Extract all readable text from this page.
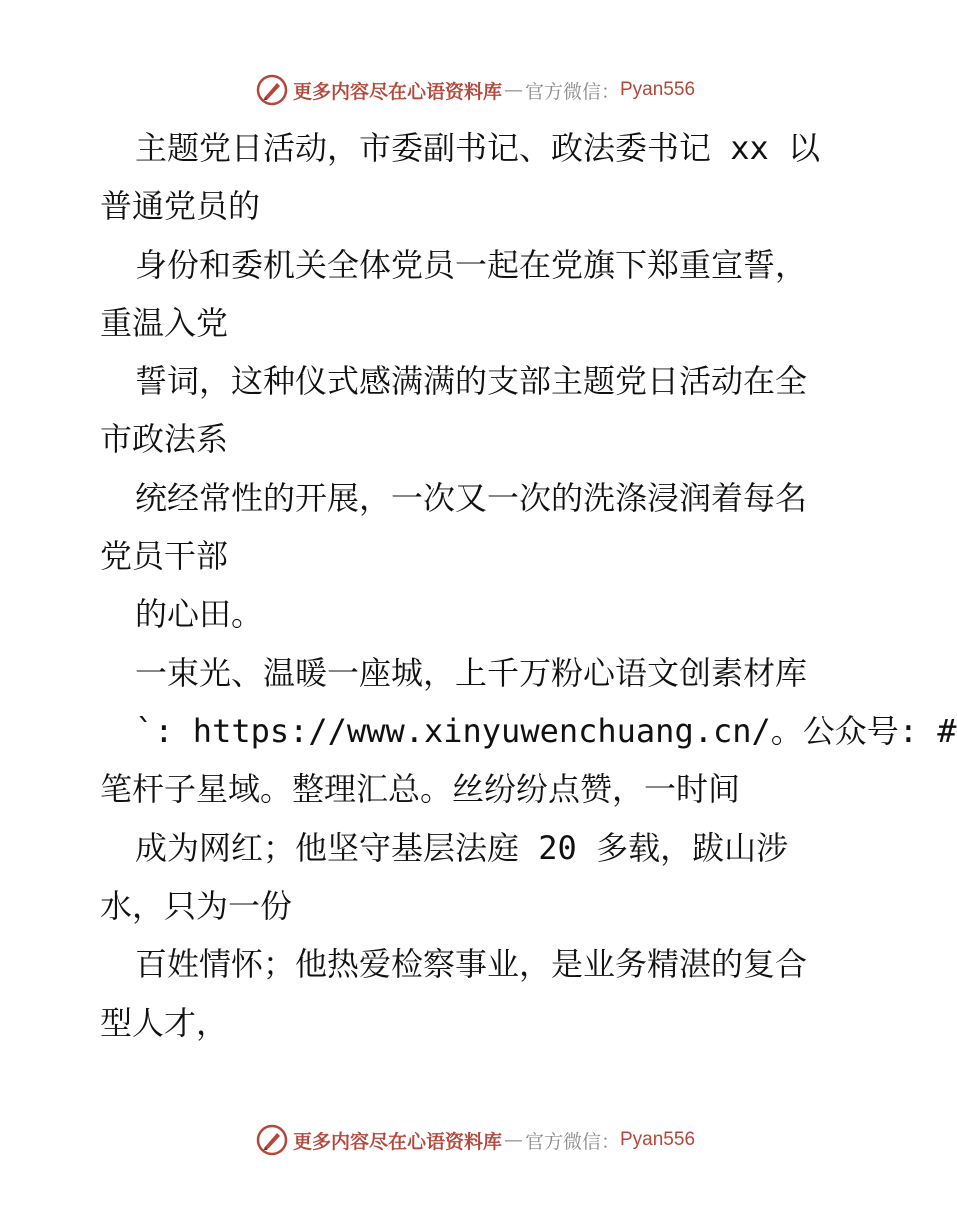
更多内容尽在心语资料库 — 官方微信： Pyan556
主题党日活动，市委副书记、政法委书记 xx 以
普通党员的
身份和委机关全体党员一起在党旗下郑重宣誓，
重温入党
誓词，这种仪式感满满的支部主题党日活动在全
市政法系
统经常性的开展，一次又一次的洗涤浸润着每名
党员干部
的心田。
一束光、温暖一座城，上千万粉心语文创素材库
`: https://www.xinyuwenchuang.cn/。公众号: #
笔杆子星域。整理汇总。丝纷纷点赞，一时间
成为网红；他坚守基层法庭 20 多载，跋山涉
水，只为一份
百姓情怀；他热爱检察事业，是业务精湛的复合
型人才，
更多内容尽在心语资料库 — 官方微信： Pyan556
